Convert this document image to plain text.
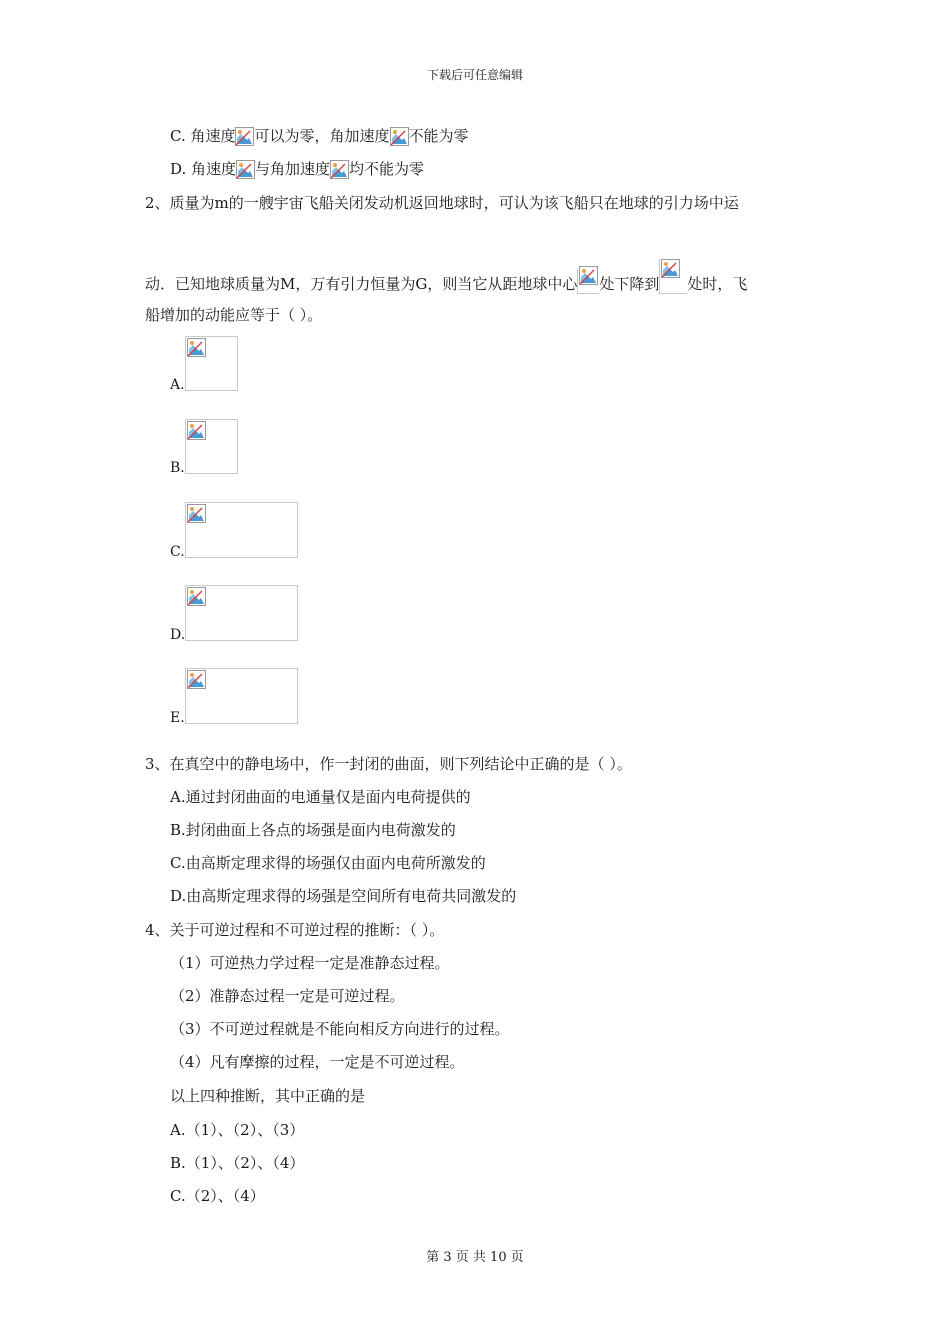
下载后可任意编辑
C. 角速度 可以为零，角加速度 不能为零
D. 角速度 与角加速度 均不能为零
2、质量为m的一艘宇宙飞船关闭发动机返回地球时，可认为该飞船只在地球的引力场中运
动．已知地球质量为M，万有引力恒量为G，则当它从距地球中心 处下降到 处时，飞
船增加的动能应等于（ ）。
A.
B.
C.
D.
E.
3、在真空中的静电场中，作一封闭的曲面，则下列结论中正确的是（ ）。
A.通过封闭曲面的电通量仅是面内电荷提供的
B.封闭曲面上各点的场强是面内电荷激发的
C.由高斯定理求得的场强仅由面内电荷所激发的
D.由高斯定理求得的场强是空间所有电荷共同激发的
4、关于可逆过程和不可逆过程的推断：（ ）。
（1）可逆热力学过程一定是准静态过程。
（2）准静态过程一定是可逆过程。
（3）不可逆过程就是不能向相反方向进行的过程。
（4）凡有摩擦的过程，一定是不可逆过程。
以上四种推断，其中正确的是
A.（1）、（2）、（3）
B.（1）、（2）、（4）
C.（2）、（4）
第 3 页 共 10 页
